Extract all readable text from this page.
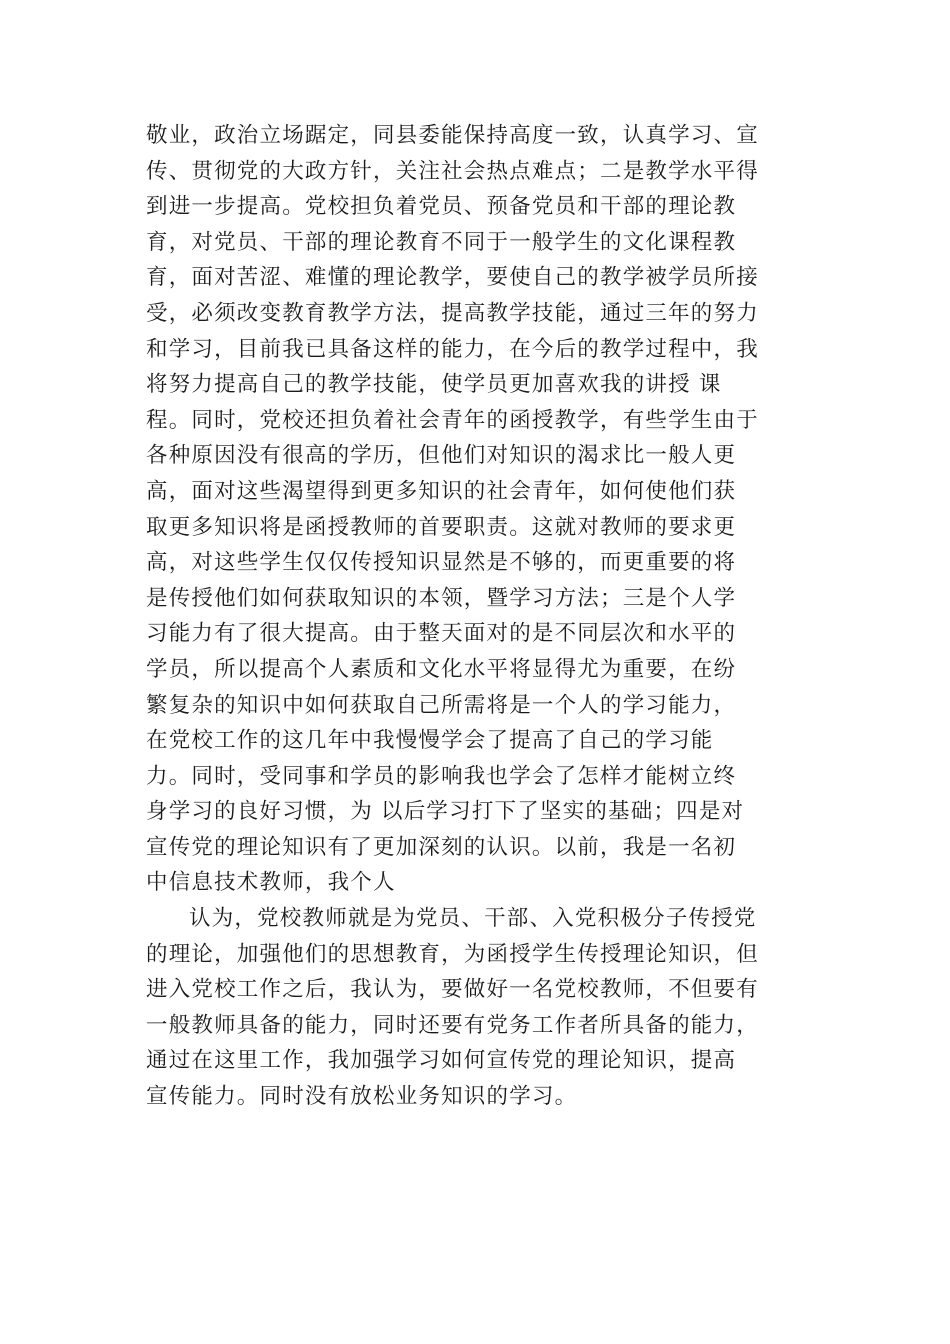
敬业，政治立场踞定，同县委能保持高度一致，认真学习、宣
传、贯彻党的大政方针，关注社会热点难点；二是教学水平得
到进一步提高。党校担负着党员、预备党员和干部的理论教
育，对党员、干部的理论教育不同于一般学生的文化课程教
育，面对苦涩、难懂的理论教学，要使自己的教学被学员所接
受，必须改变教育教学方法，提高教学技能，通过三年的努力
和学习，目前我已具备这样的能力，在今后的教学过程中，我
将努力提高自己的教学技能，使学员更加喜欢我的讲授 课
程。同时，党校还担负着社会青年的函授教学，有些学生由于
各种原因没有很高的学历，但他们对知识的渴求比一般人更
高，面对这些渴望得到更多知识的社会青年，如何使他们获
取更多知识将是函授教师的首要职责。这就对教师的要求更
高，对这些学生仅仅传授知识显然是不够的，而更重要的将
是传授他们如何获取知识的本领，暨学习方法；三是个人学
习能力有了很大提高。由于整天面对的是不同层次和水平的
学员，所以提高个人素质和文化水平将显得尤为重要，在纷
繁复杂的知识中如何获取自己所需将是一个人的学习能力，
在党校工作的这几年中我慢慢学会了提高了自己的学习能
力。同时，受同事和学员的影响我也学会了怎样才能树立终
身学习的良好习惯，为 以后学习打下了坚实的基础；四是对
宣传党的理论知识有了更加深刻的认识。以前，我是一名初
中信息技术教师，我个人
认为，党校教师就是为党员、干部、入党积极分子传授党
的理论，加强他们的思想教育，为函授学生传授理论知识，但
进入党校工作之后，我认为，要做好一名党校教师，不但要有
一般教师具备的能力，同时还要有党务工作者所具备的能力，
通过在这里工作，我加强学习如何宣传党的理论知识，提高
宣传能力。同时没有放松业务知识的学习。
